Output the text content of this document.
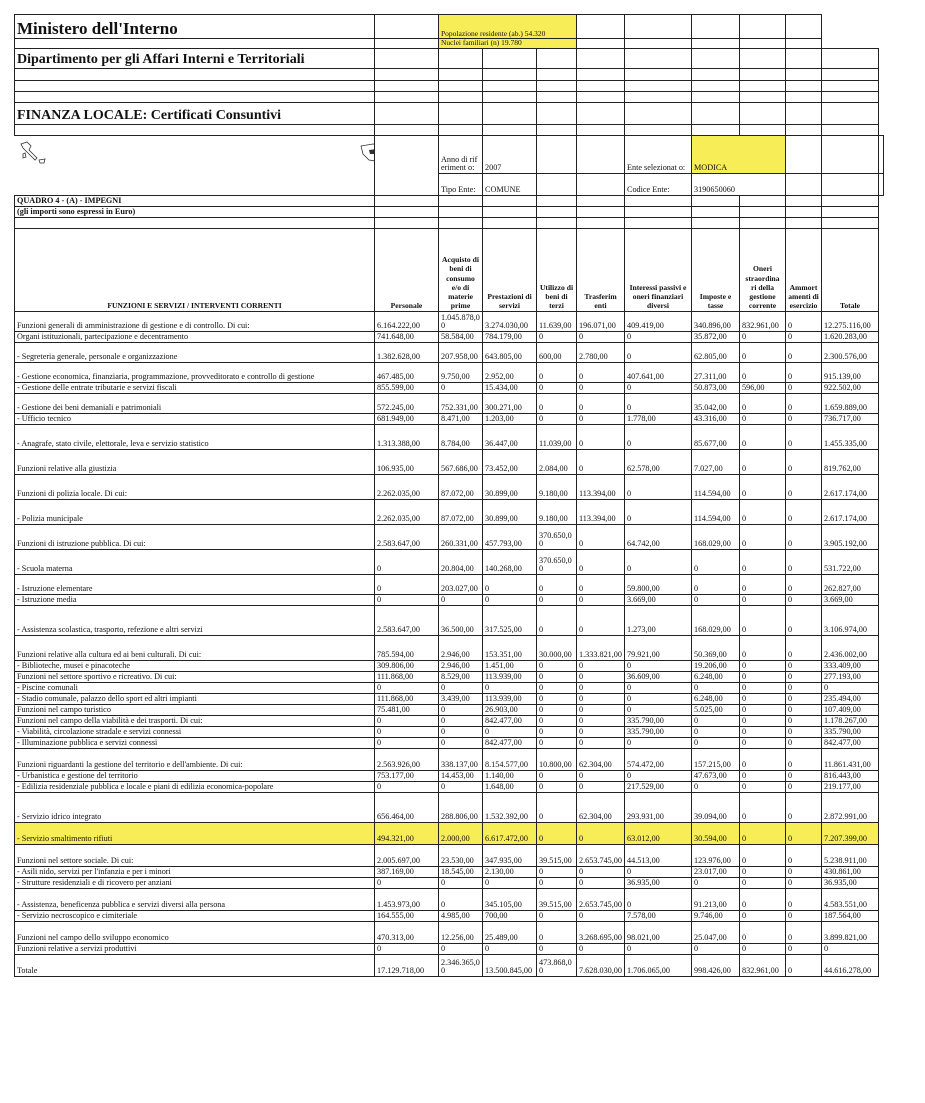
Ministero dell'Interno		Popolazione residente (ab.) 54.320									
		Nuclei familiari (n) 19.780									
Dipartimento per gli Affari Interni e Territoriali											

FINANZA LOCALE: Certificati Consuntivi											

		Anno di riferiment o:	2007			Ente selezionat o:	MODICA				
		Tipo Ente:	COMUNE			Codice Ente:	3190650060				
QUADRO 4 - (A) - IMPEGNI											
(gli importi sono espressi in Euro)											

FUNZIONI E SERVIZI / INTERVENTI CORRENTI	Personale	Acquisto di beni di consumo e/o di materie prime	Prestazioni di servizi	Utilizzo di beni di terzi	Trasferim enti	Interessi passivi e oneri finanziari diversi	Imposte e tasse	Oneri straordina ri della gestione corrente	Ammort amenti di esercizio	Totale	
Funzioni generali di amministrazione di gestione e di controllo. Di cui:	6.164.222,00	1.045.878,00	3.274.030,00	11.639,00	196.071,00	409.419,00	340.896,00	832.961,00	0	12.275.116,00	
Organi istituzionali, partecipazione e decentramento	741.648,00	58.584,00	784.179,00	0	0	0	35.872,00	0	0	1.620.283,00	
- Segreteria generale, personale e organizzazione	1.382.628,00	207.958,00	643.805,00	600,00	2.780,00	0	62.805,00	0	0	2.300.576,00	
- Gestione economica, finanziaria, programmazione, provveditorato e controllo di gestione	467.485,00	9.750,00	2.952,00	0	0	407.641,00	27.311,00	0	0	915.139,00	
- Gestione delle entrate tributarie e servizi fiscali	855.599,00	0	15.434,00	0	0	0	50.873,00	596,00	0	922.502,00	
- Gestione dei beni demaniali e patrimoniali	572.245,00	752.331,00	300.271,00	0	0	0	35.042,00	0	0	1.659.889,00	
- Ufficio tecnico	681.949,00	8.471,00	1.203,00	0	0	1.778,00	43.316,00	0	0	736.717,00	
- Anagrafe, stato civile, elettorale, leva e servizio statistico	1.313.388,00	8.784,00	36.447,00	11.039,00	0	0	85.677,00	0	0	1.455.335,00	
Funzioni relative alla giustizia	106.935,00	567.686,00	73.452,00	2.084,00	0	62.578,00	7.027,00	0	0	819.762,00	
Funzioni di polizia locale. Di cui:	2.262.035,00	87.072,00	30.899,00	9.180,00	113.394,00	0	114.594,00	0	0	2.617.174,00	
- Polizia municipale	2.262.035,00	87.072,00	30.899,00	9.180,00	113.394,00	0	114.594,00	0	0	2.617.174,00	
Funzioni di istruzione pubblica. Di cui:	2.583.647,00	260.331,00	457.793,00	370.650,00	0	64.742,00	168.029,00	0	0	3.905.192,00	
- Scuola materna	0	20.804,00	140.268,00	370.650,00	0	0	0	0	0	531.722,00	
- Istruzione elementare	0	203.027,00	0	0	0	59.800,00	0	0	0	262.827,00	
- Istruzione media	0	0	0	0	0	3.669,00	0	0	0	3.669,00	
- Assistenza scolastica, trasporto, refezione e altri servizi	2.583.647,00	36.500,00	317.525,00	0	0	1.273,00	168.029,00	0	0	3.106.974,00	
Funzioni relative alla cultura ed ai beni culturali. Di cui:	785.594,00	2.946,00	153.351,00	30.000,00	1.333.821,00	79.921,00	50.369,00	0	0	2.436.002,00	
- Biblioteche, musei e pinacoteche	309.806,00	2.946,00	1.451,00	0	0	0	19.206,00	0	0	333.409,00	
Funzioni nel settore sportivo e ricreativo. Di cui:	111.868,00	8.529,00	113.939,00	0	0	36.609,00	6.248,00	0	0	277.193,00	
- Piscine comunali	0	0	0	0	0	0	0	0	0	0	
- Stadio comunale, palazzo dello sport ed altri impianti	111.868,00	3.439,00	113.939,00	0	0	0	6.248,00	0	0	235.494,00	
Funzioni nel campo turistico	75.481,00	0	26.903,00	0	0	0	5.025,00	0	0	107.409,00	
Funzioni nel campo della viabilità e dei trasporti. Di cui:	0	0	842.477,00	0	0	335.790,00	0	0	0	1.178.267,00	
- Viabilità, circolazione stradale e servizi connessi	0	0	0	0	0	335.790,00	0	0	0	335.790,00	
- Illuminazione pubblica e servizi connessi	0	0	842.477,00	0	0	0	0	0	0	842.477,00	
Funzioni riguardanti la gestione del territorio e dell'ambiente. Di cui:	2.563.926,00	338.137,00	8.154.577,00	10.800,00	62.304,00	574.472,00	157.215,00	0	0	11.861.431,00	
- Urbanistica e gestione del territorio	753.177,00	14.453,00	1.140,00	0	0	0	47.673,00	0	0	816.443,00	
- Edilizia residenziale pubblica e locale e piani di edilizia economica-popolare	0	0	1.648,00	0	0	217.529,00	0	0	0	219.177,00	
- Servizio idrico integrato	656.464,00	288.806,00	1.532.392,00	0	62.304,00	293.931,00	39.094,00	0	0	2.872.991,00	
- Servizio smaltimento rifiuti	494.321,00	2.000,00	6.617.472,00	0	0	63.012,00	30.594,00	0	0	7.207.399,00	
Funzioni nel settore sociale. Di cui:	2.005.697,00	23.530,00	347.935,00	39.515,00	2.653.745,00	44.513,00	123.976,00	0	0	5.238.911,00	
- Asili nido, servizi per l'infanzia e per i minori	387.169,00	18.545,00	2.130,00	0	0	0	23.017,00	0	0	430.861,00	
- Strutture residenziali e di ricovero per anziani	0	0	0	0	0	36.935,00	0	0	0	36.935,00	
- Assistenza, beneficenza pubblica e servizi diversi alla persona	1.453.973,00	0	345.105,00	39.515,00	2.653.745,00	0	91.213,00	0	0	4.583.551,00	
- Servizio necroscopico e cimiteriale	164.555,00	4.985,00	700,00	0	0	7.578,00	9.746,00	0	0	187.564,00	
Funzioni nel campo dello sviluppo economico	470.313,00	12.256,00	25.489,00	0	3.268.695,00	98.021,00	25.047,00	0	0	3.899.821,00	
Funzioni relative a servizi produttivi	0	0	0	0	0	0	0	0	0	0	
Totale	17.129.718,00	2.346.365,00	13.500.845,00	473.868,00	7.628.030,00	1.706.065,00	998.426,00	832.961,00	0	44.616.278,00	
